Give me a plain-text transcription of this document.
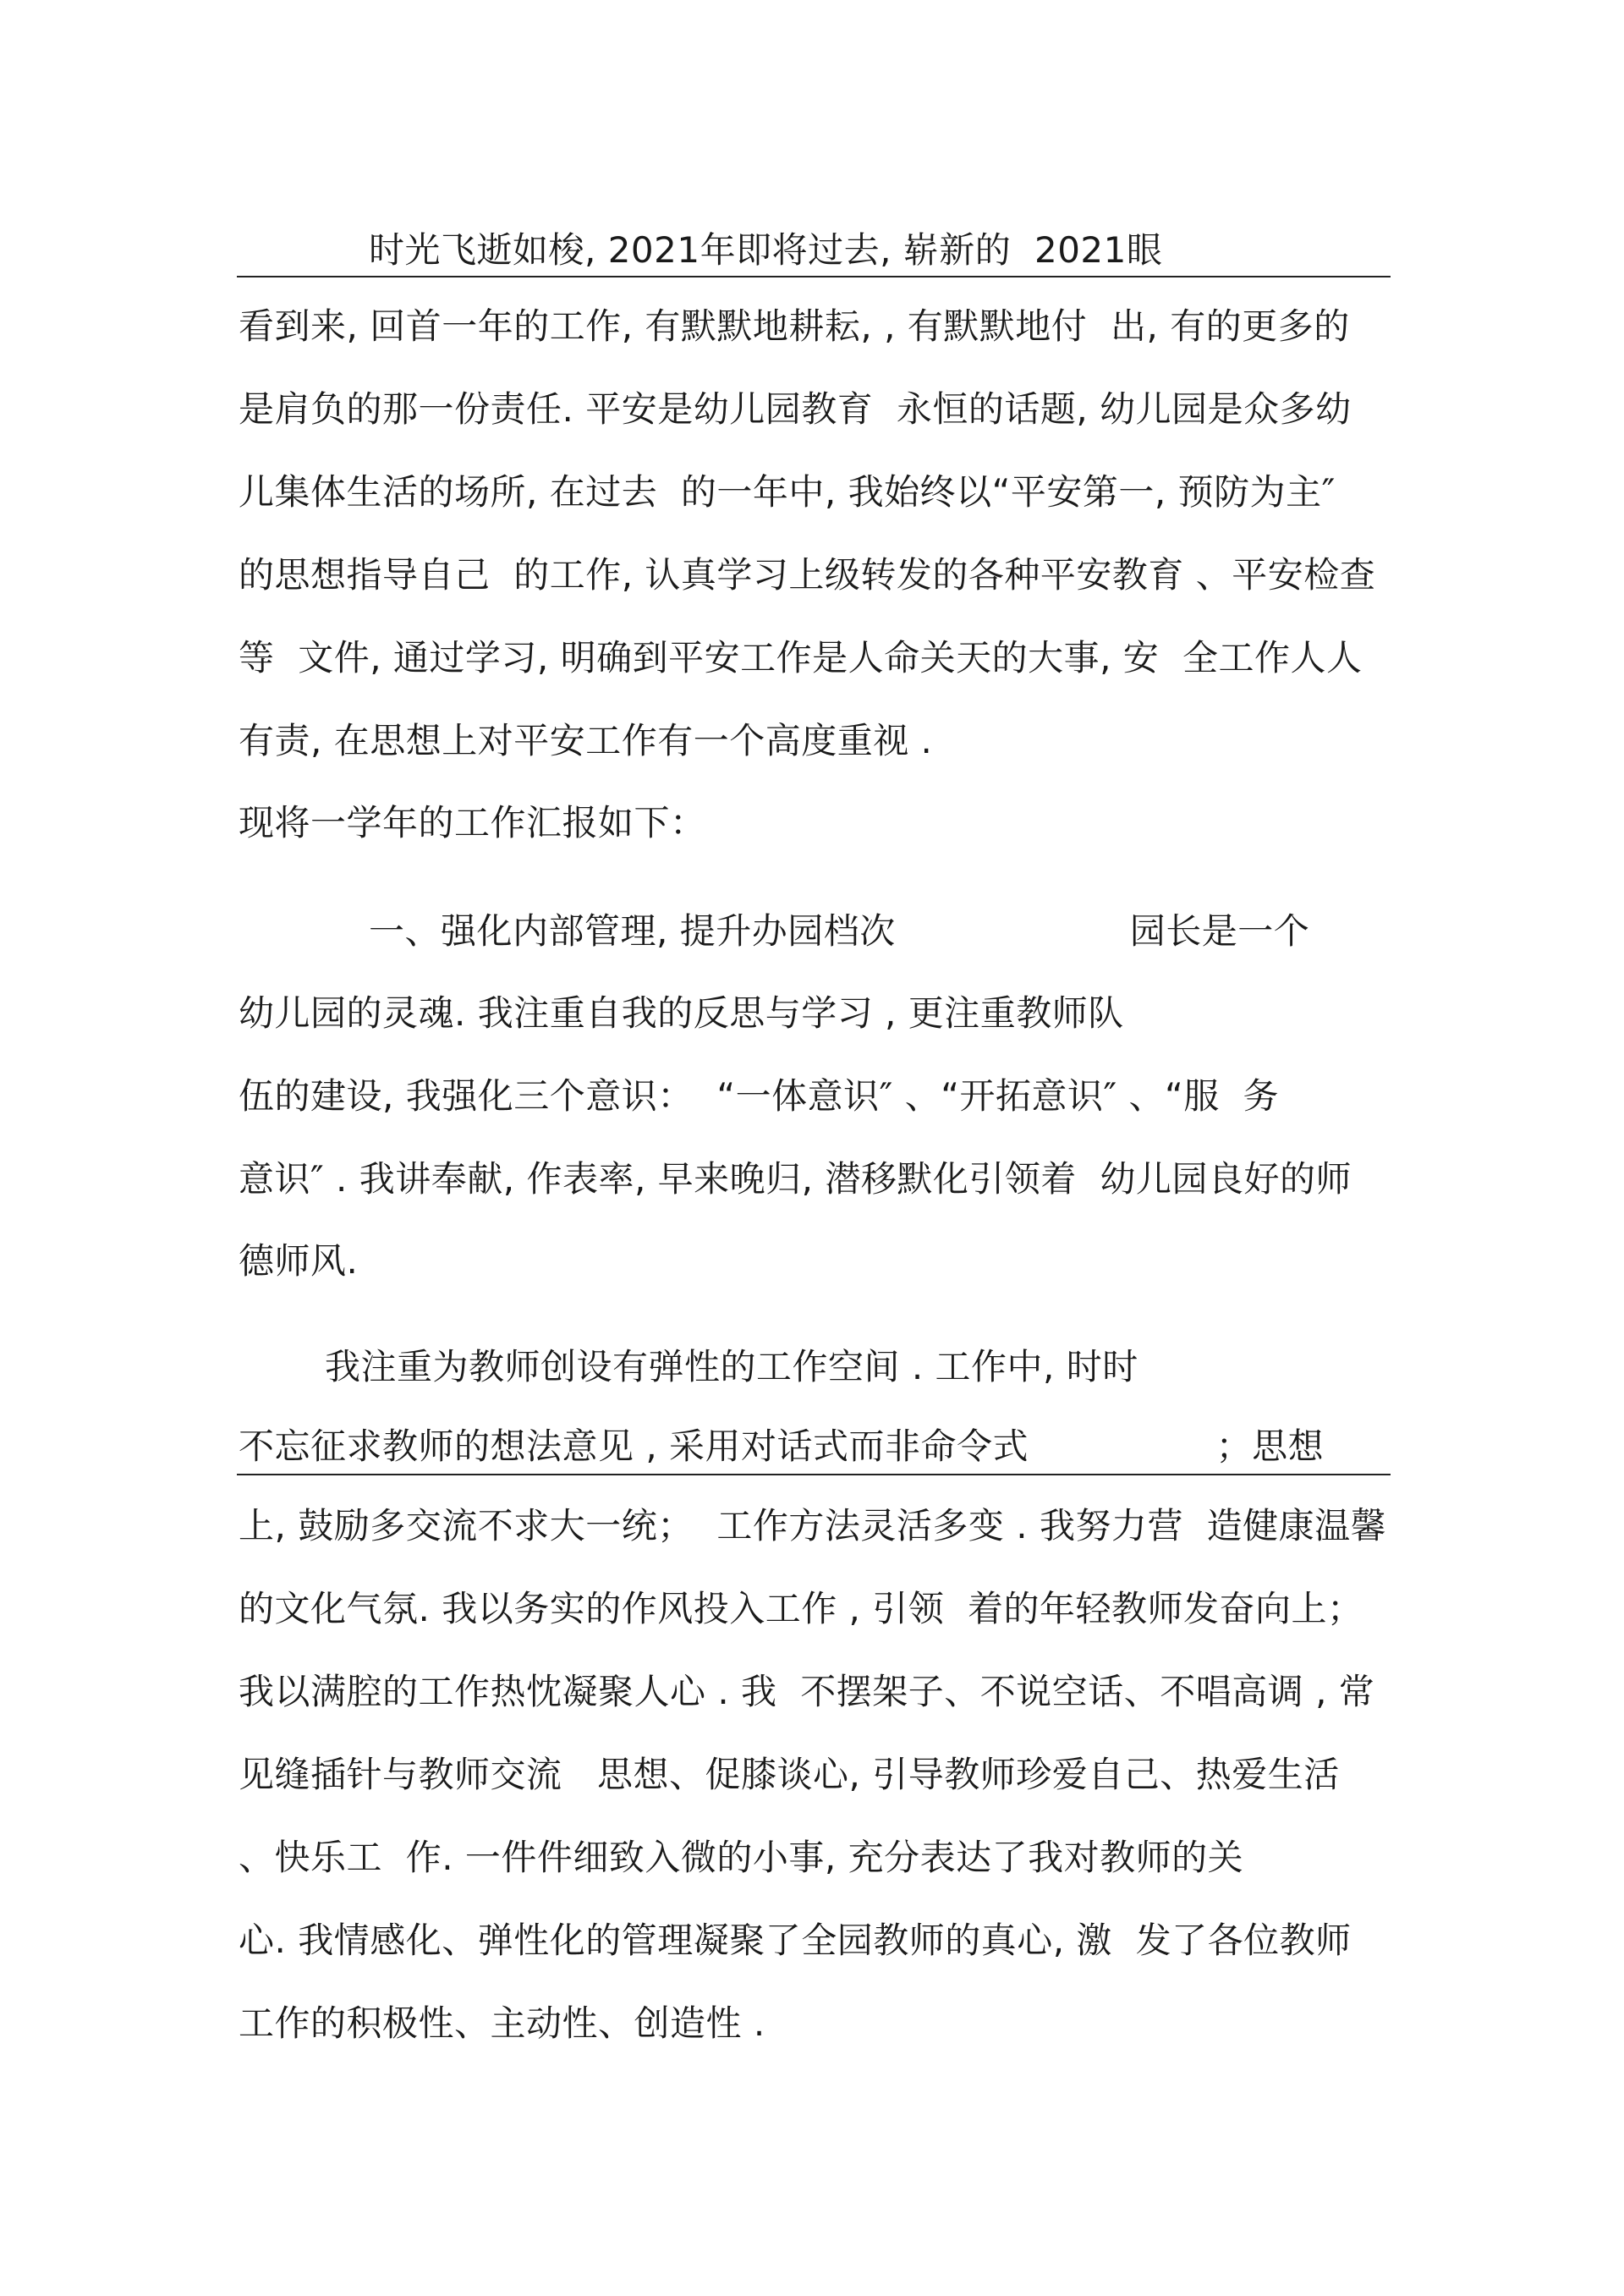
时光飞逝如梭, 2021年即将过去, 崭新的  2021眼
看到来, 回首一年的工作, 有默默地耕耘, , 有默默地付  出, 有的更多的
是肩负的那一份责任. 平安是幼儿园教育  永恒的话题, 幼儿园是众多幼
儿集体生活的场所, 在过去  的一年中, 我始终以“平安第一, 预防为主″
的思想指导自己  的工作, 认真学习上级转发的各种平安教育 、平安检查
等  文件, 通过学习, 明确到平安工作是人命关天的大事, 安  全工作人人
有责, 在思想上对平安工作有一个高度重视 .
现将一学年的工作汇报如下：
一、强化内部管理, 提升办园档次                    园长是一个
幼儿园的灵魂. 我注重自我的反思与学习 , 更注重教师队
伍的建设, 我强化三个意识：  “一体意识″ 、“开拓意识″ 、“服  务
意识″ . 我讲奉献, 作表率, 早来晚归, 潜移默化引领着  幼儿园良好的师
德师风.
我注重为教师创设有弹性的工作空间 . 工作中, 时时
不忘征求教师的想法意见 , 采用对话式而非命令式                ；思想
上, 鼓励多交流不求大一统；  工作方法灵活多变 . 我努力营  造健康温馨
的文化气氛. 我以务实的作风投入工作 , 引领  着的年轻教师发奋向上；
我以满腔的工作热忱凝聚人心 . 我  不摆架子、不说空话、不唱高调 , 常
见缝插针与教师交流   思想、促膝谈心, 引导教师珍爱自己、热爱生活
、快乐工  作. 一件件细致入微的小事, 充分表达了我对教师的关
心. 我情感化、弹性化的管理凝聚了全园教师的真心, 激  发了各位教师
工作的积极性、主动性、创造性 .
